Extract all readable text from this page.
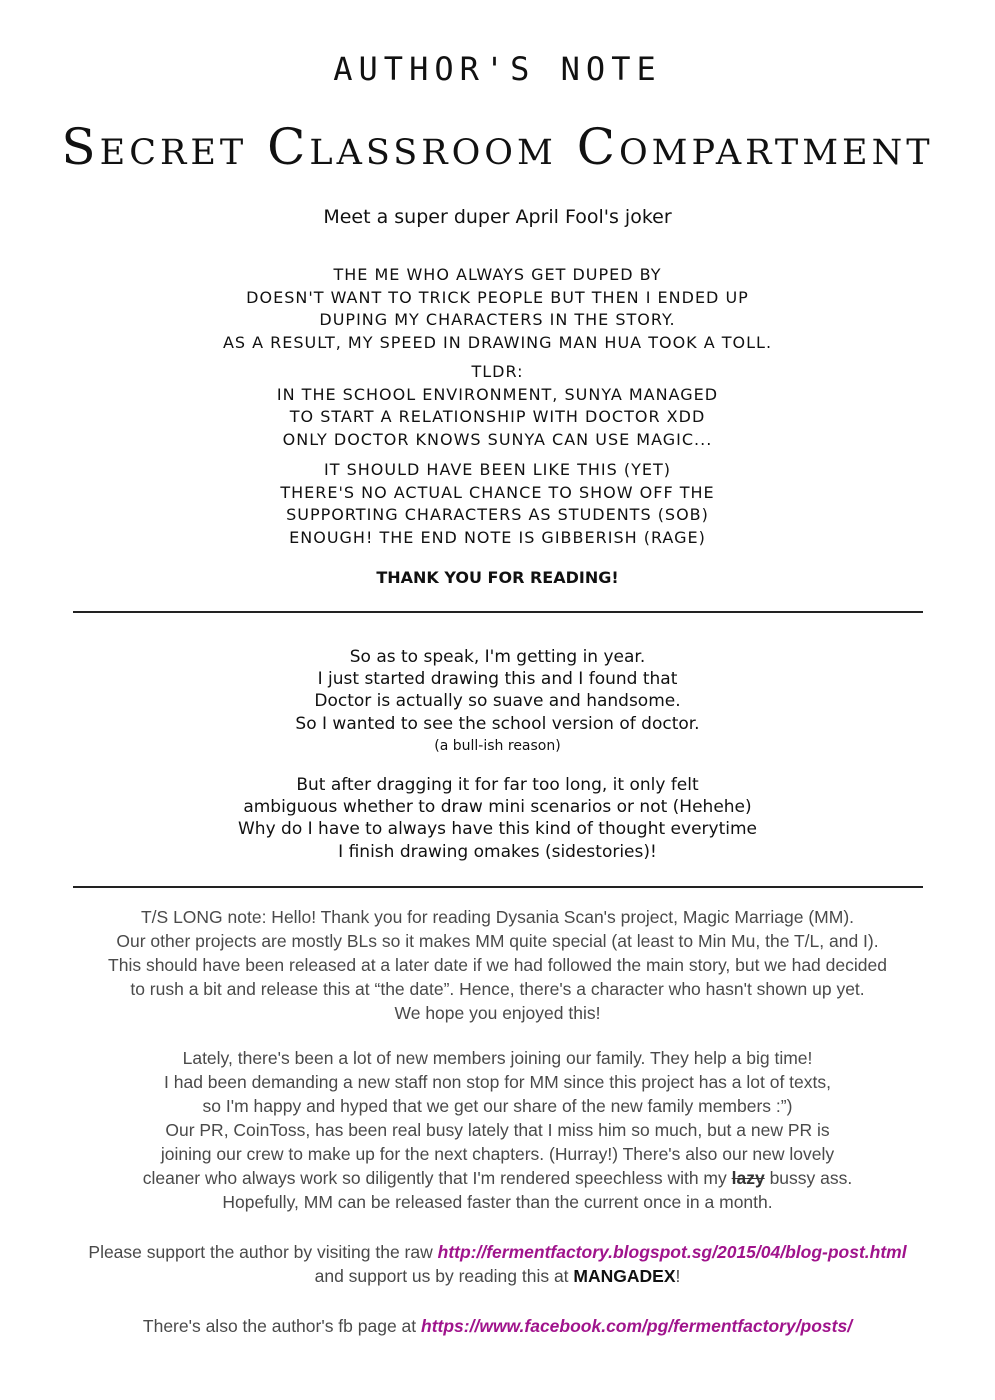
AUTHOR'S NOTE
Secret Classroom Compartment
Meet a super duper April Fool's joker
THE ME WHO ALWAYS GET DUPED BY
DOESN'T WANT TO TRICK PEOPLE BUT THEN I ENDED UP
DUPING MY CHARACTERS IN THE STORY.
AS A RESULT, MY SPEED IN DRAWING MAN HUA TOOK A TOLL.
TLDR:
IN THE SCHOOL ENVIRONMENT, SUNYA MANAGED
TO START A RELATIONSHIP WITH DOCTOR XDD
ONLY DOCTOR KNOWS SUNYA CAN USE MAGIC...
IT SHOULD HAVE BEEN LIKE THIS (YET)
THERE'S NO ACTUAL CHANCE TO SHOW OFF THE
SUPPORTING CHARACTERS AS STUDENTS (SOB)
ENOUGH! THE END NOTE IS GIBBERISH (RAGE)
THANK YOU FOR READING!
So as to speak, I'm getting in year.
I just started drawing this and I found that
Doctor is actually so suave and handsome.
So I wanted to see the school version of doctor.
(a bull-ish reason)
But after dragging it for far too long, it only felt
ambiguous whether to draw mini scenarios or not (Hehehe)
Why do I have to always have this kind of thought everytime
I finish drawing omakes (sidestories)!
T/S LONG note: Hello! Thank you for reading Dysania Scan's project, Magic Marriage (MM).
Our other projects are mostly BLs so it makes MM quite special (at least to Min Mu, the T/L, and I).
This should have been released at a later date if we had followed the main story, but we had decided
to rush a bit and release this at “the date”. Hence, there's a character who hasn't shown up yet.
We hope you enjoyed this!
Lately, there's been a lot of new members joining our family. They help a big time!
I had been demanding a new staff non stop for MM since this project has a lot of texts,
so I'm happy and hyped that we get our share of the new family members :”)
Our PR, CoinToss, has been real busy lately that I miss him so much, but a new PR is
joining our crew to make up for the next chapters. (Hurray!) There's also our new lovely
cleaner who always work so diligently that I'm rendered speechless with my lazy bussy ass.
Hopefully, MM can be released faster than the current once in a month.
Please support the author by visiting the raw http://fermentfactory.blogspot.sg/2015/04/blog-post.html
and support us by reading this at MANGADEX!
There's also the author's fb page at https://www.facebook.com/pg/fermentfactory/posts/
